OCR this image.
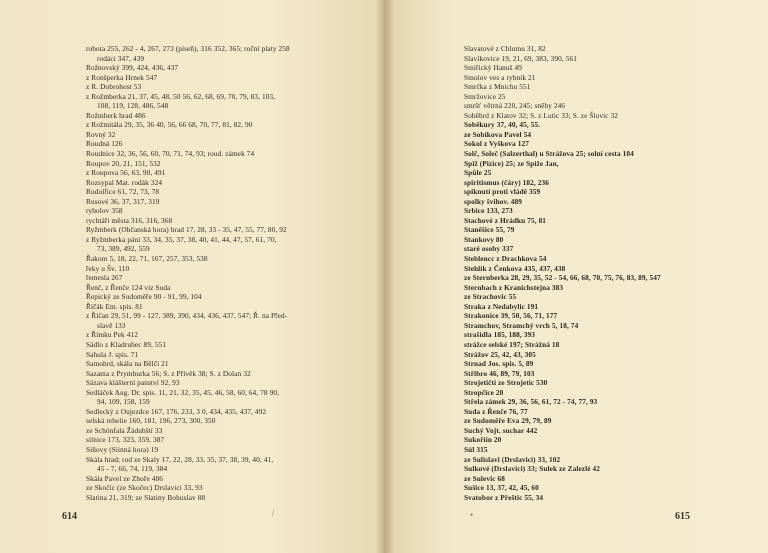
robota 255, 262 - 4, 267, 273 (píseň), 316 352, 365; roční platy 258
rodáci 347, 439
Rožnovský 399, 424, 436, 437
z Ronšperka Hrnek 547
z R. Dobrohost 53
z Rožmberka 21, 37, 45, 48, 50 56, 62, 68, 69, 70, 79, 83, 103,
108, 119, 128, 486, 548
Rožmberk hrad 486
z Rožmitála 29, 35, 36 40, 56, 66 68, 70, 77, 81, 82, 90
Rovný 32
Roudná 126
Roudnice 32, 36, 56, 60, 70, 71, 74, 93; roud. zámek 74
Roupov 20, 21, 151, 532
z Roupova 56, 63, 90, 491
Rozsypal Mat. rodák 324
Rudolfice 61, 72, 73, 78
Rusové 36, 37, 317, 319
rybolov 358
rychtáři města 316, 316, 368
Ryžmberk (Občanská hora) hrad 17, 28, 33 - 35, 47, 55, 77, 80, 92
z Ryžmberka páni 33, 34, 35, 37, 38, 40, 41, 44, 47, 57, 61, 70,
73, 389, 492, 559
Řakom 5, 18, 22, 71, 167, 257, 353, 538
řeky u Šv. 110
řemesla 267
Řenč, z Řenče 124 viz Suda
Řepický ze Sudoměře 90 - 91, 99, 104
Říčák Em. spis. 81
z Říčan 29, 51, 99 - 127, 389, 390, 434, 436, 437, 547; Ř. na Před-
slavě 133
z Římku Pek 412
Sádlo z Kladrubec 89, 551
Sahula J. spis. 71
Samohrd, skála na Bělči 21
Sazama z Prymburka 56; S. z Přívěk 38; S. z Dolan 32
Sázava klášterní panství 92, 93
Sedláček Aug. Dr. spis. 11, 21, 32, 35, 45, 46, 58, 60, 64, 78 90,
94, 109, 158, 159
Sedlecký z Oujezdce 167, 176, 233, 3 0, 434, 435, 437, 492
selská rebelie 160, 181, 196, 273, 300, 350
ze Schönfala Žádubští 33
silnice 173, 323, 359, 387
Siňovy (Siinná hora) 19
Skála hrad; rod ze Skaly 17, 22, 28, 33, 35, 37, 38, 39, 40, 41,
45 - 7, 66, 74, 119, 384
Skála Pavel ze Zhoře 486
ze Skočic (ze Skočec) Drslavici 33, 93
Slatina 21, 319; ze Slatiny Bohuslav 88
/
614
Slavatové z Chlumu 31, 82
Slavíkovice 19, 21, 69, 383, 390, 561
Smiřický Hanuš 49
Smolov ves a rybník 21
Smrčka z Mnichu 551
Smržovice 25
smršť větrná 220, 245; sněhy 246
Soběhrd z Klatov 32; S. z Lutic 33; S. ze Šlovic 32
Soběkury 37, 40, 45, 55.
ze Sobíkova Pavel 54
Sokol z Vyškova 127
Solč, Soleč (Salzerthal) u Strážova 25; solní cesta 104
Spiž (Pizice) 25; ze Spiže Jan,
Spůle 25
spiritismus (čáry) 182, 236
spiknutí proti vládě 359
spolky švihov. 489
Srbice 133, 273
Stachové z Hrádku 75, 81
Staněšice 55, 79
Stankovy 80
staré osoby 337
Steblencc z Drachkova 54
Stehlík z Čenkova 435, 437, 438
ze Sternberka 28, 29, 35, 52 - 54, 66, 68, 70, 75, 76, 83, 89, 547
Sternbach z Kranichstejna 383
ze Strachovic 55
Straka z Nedabylic 191
Strakonice 39, 50, 56, 71, 177
Stramchov, Stramchý vrch 5, 18, 74
strašidla 185, 188, 393
strážce selské 197; Strážná 18
Strážov 25, 42, 43, 305
Strnad Jos. spis. 5, 89
Střibro 46, 89, 79, 103
Strojetičtí ze Strojetic 530
Stropčice 20
Střela zámek 29, 36, 56, 61, 72 - 74, 77, 93
Suda z Řenče 76, 77
ze Sudoměře Eva 29, 79, 89
Suchý Vojt. suchar 442
Sukoříín 20
Súl 315
ze Sulislavi (Drslavici) 33, 102
Sulkové (Drslavici) 33; Sulek ze Zalezlé 42
ze Sulevic 68
Sušice 13, 37, 42, 45, 60
Svatobor z Přeštic 55, 34
•	615
